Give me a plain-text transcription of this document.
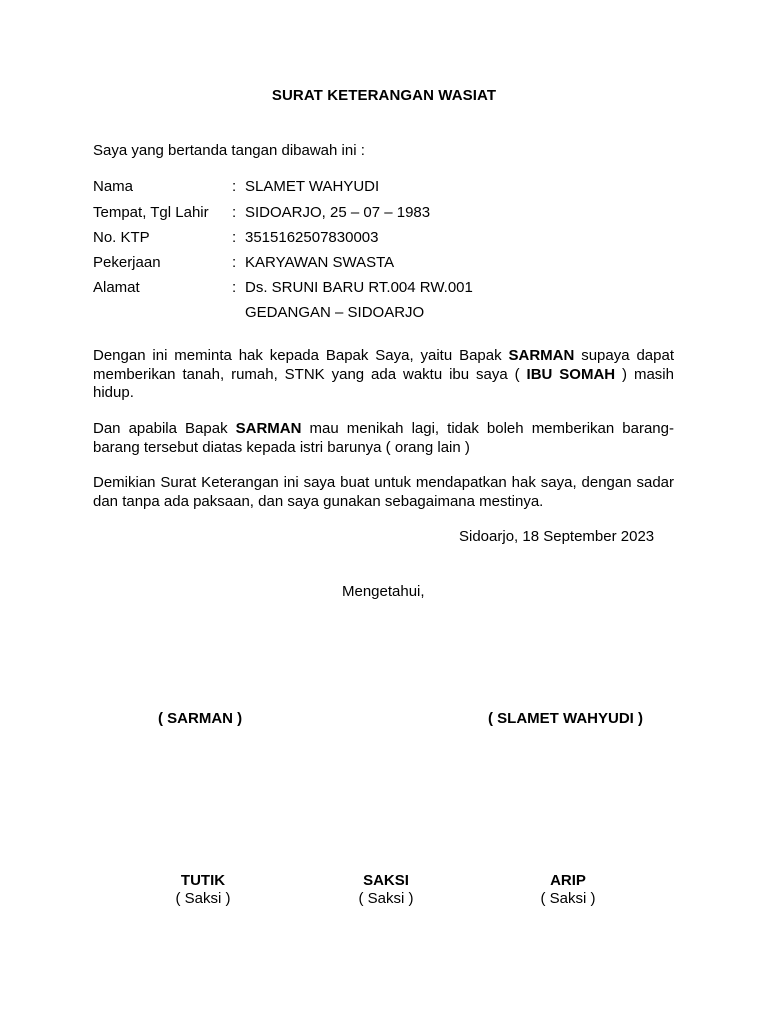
SURAT KETERANGAN WASIAT
Saya yang bertanda tangan dibawah ini :
Nama	: SLAMET WAHYUDI
Tempat, Tgl Lahir : SIDOARJO, 25 – 07 – 1983
No. KTP	: 3515162507830003
Pekerjaan	: KARYAWAN SWASTA
Alamat	: Ds. SRUNI BARU RT.004 RW.001
GEDANGAN – SIDOARJO
Dengan ini meminta hak kepada Bapak Saya, yaitu Bapak SARMAN supaya dapat memberikan tanah, rumah, STNK yang ada waktu ibu saya ( IBU SOMAH ) masih hidup.
Dan apabila Bapak SARMAN mau menikah lagi, tidak boleh memberikan barang-barang tersebut diatas kepada istri barunya ( orang lain )
Demikian Surat Keterangan ini saya buat untuk mendapatkan hak saya, dengan sadar dan tanpa ada paksaan, dan saya gunakan sebagaimana mestinya.
Sidoarjo, 18 September 2023
Mengetahui,
( SARMAN )	( SLAMET WAHYUDI )
TUTIK
( Saksi )
SAKSI
( Saksi )
ARIP
( Saksi )
